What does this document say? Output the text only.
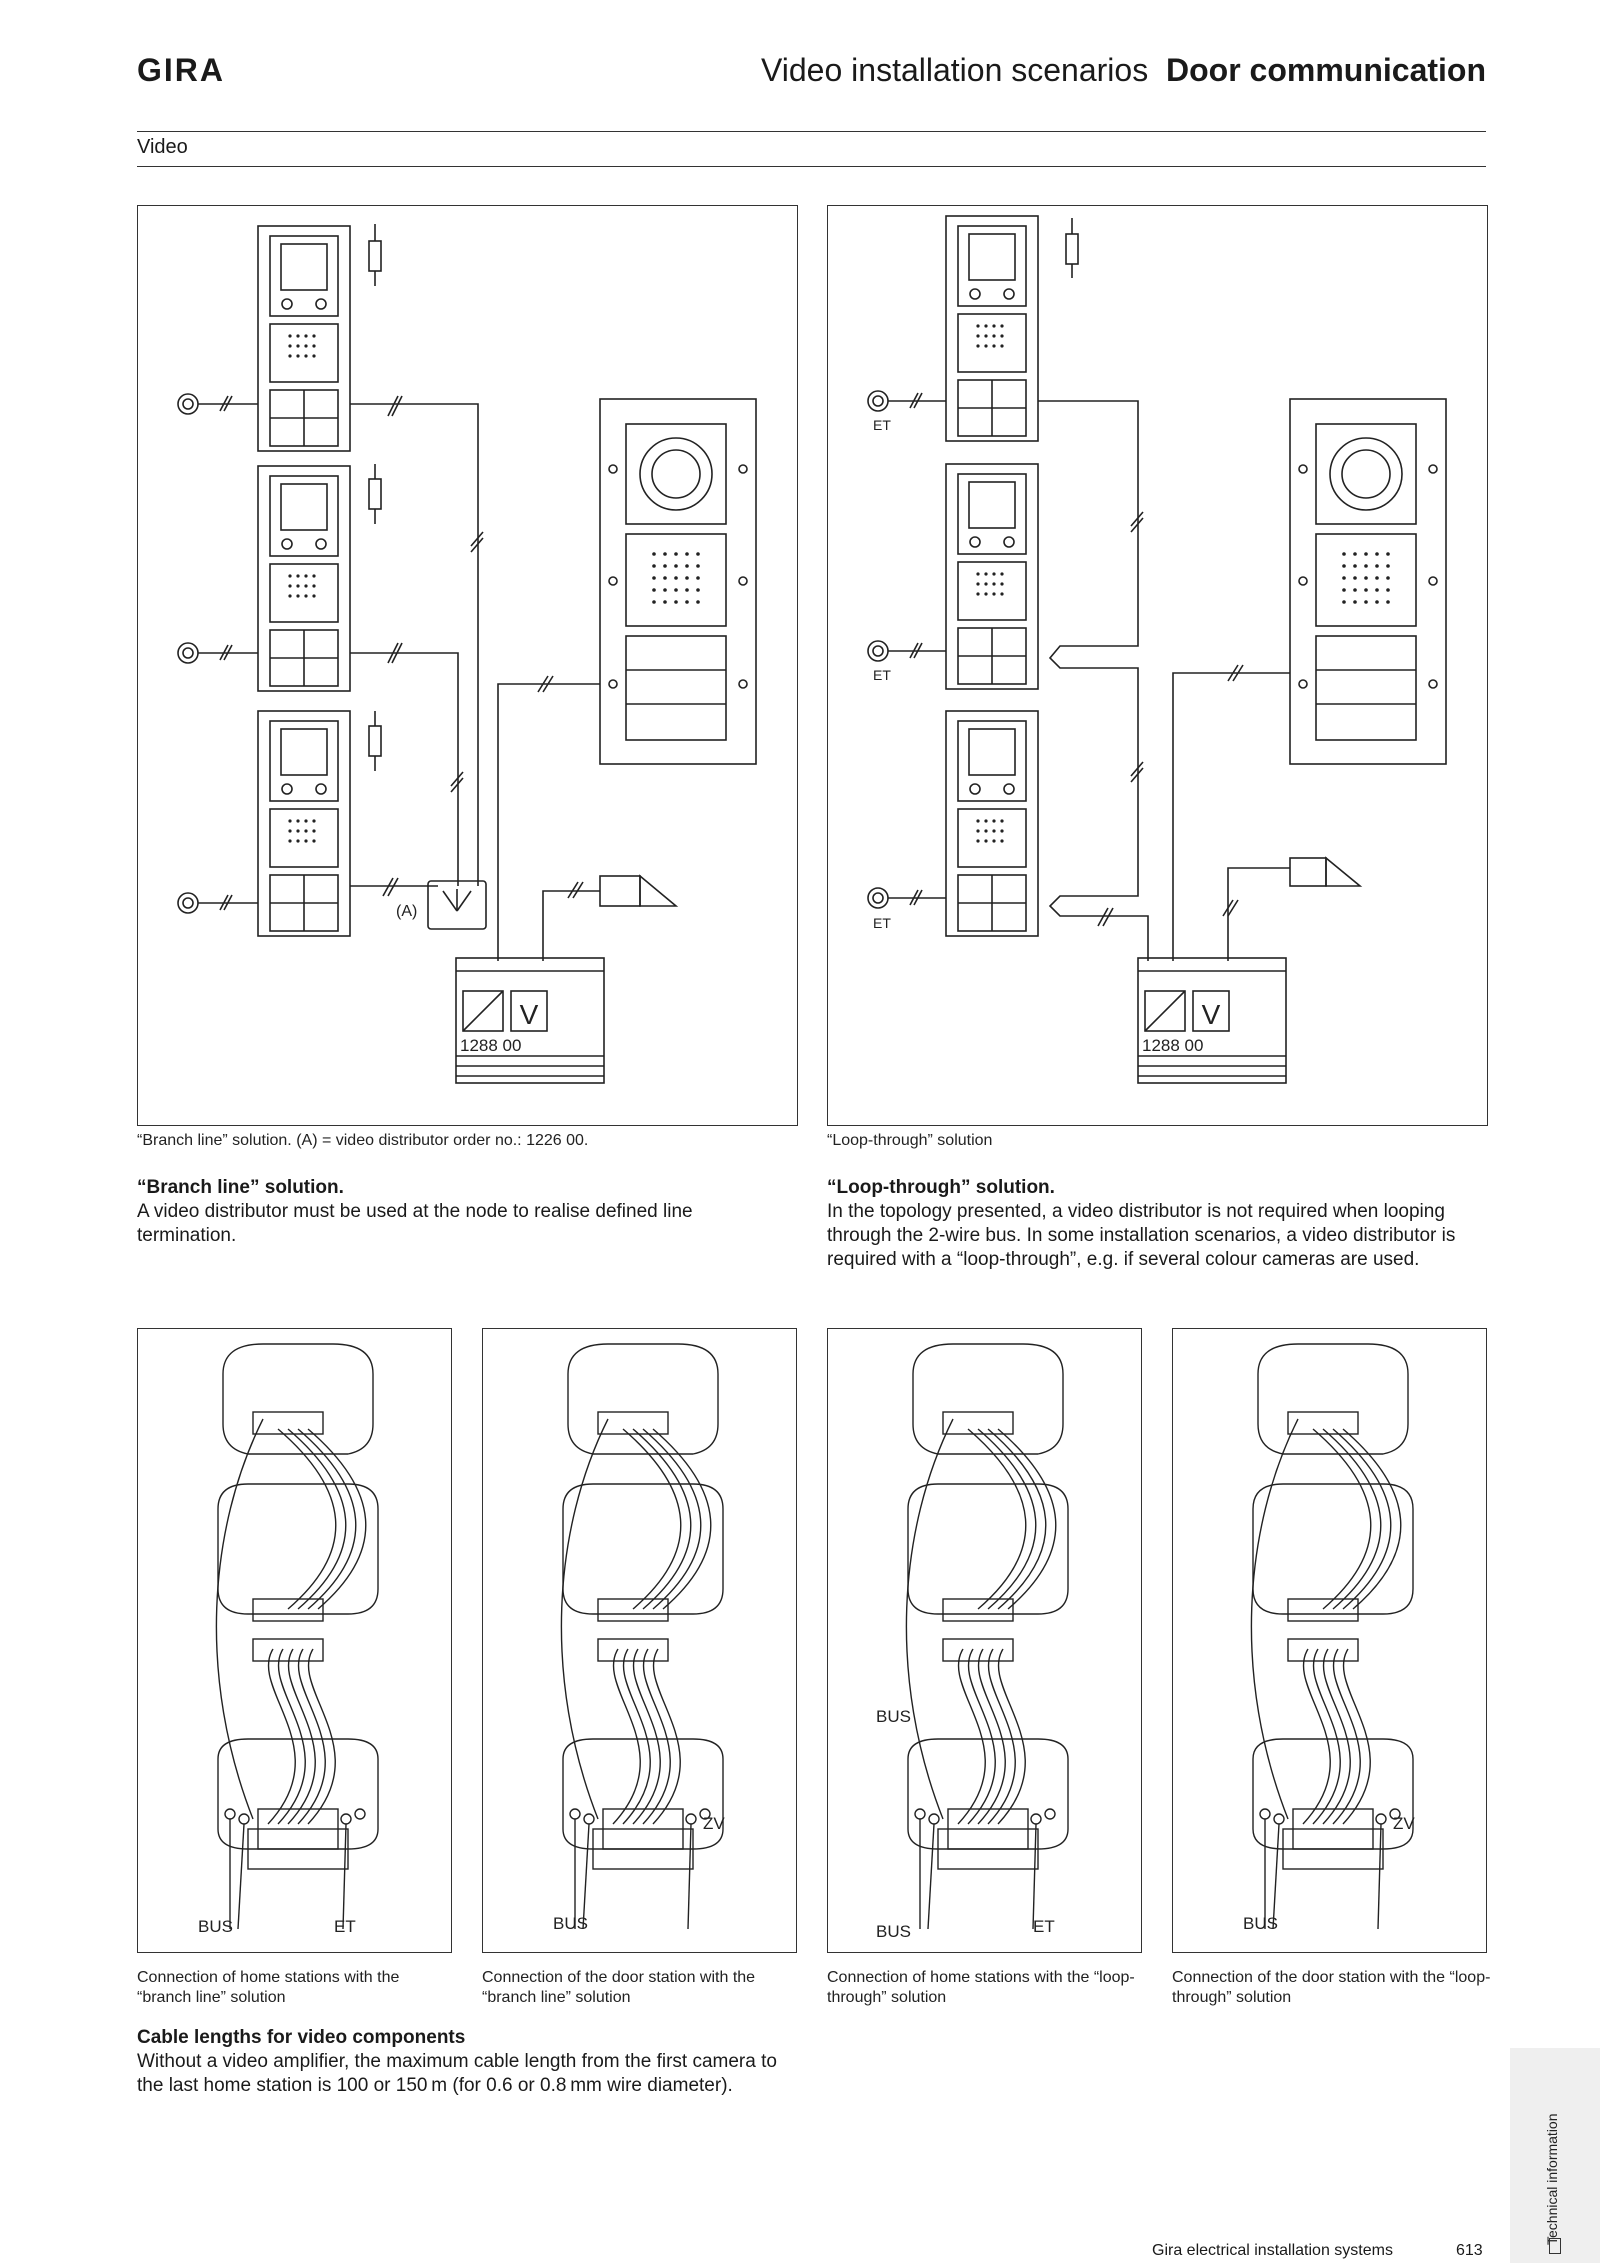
GIRA	Video installation scenarios Door communication
Video
V
1288 00
(A)
“Branch line” solution. (A) = video distributor order no.: 1226 00.
V
1288 00
ET
ET
ET
“Loop-through” solution
“Branch line” solution.
A video distributor must be used at the node to realise defined line termination.
“Loop-through” solution.
In the topology presented, a video distributor is not required when looping through the 2-wire bus. In some installation scenarios, a video distributor is required with a “loop-through”, e.g. if several colour cameras are used.
BUS	ET
Connection of home stations with the “branch line” solution
BUS
ZV
Connection of the door station with the “branch line” solution
BUS
BUS	ET
Connection of home stations with the “loop-through” solution
BUS
ZV
Connection of the door station with the “loop-through” solution
Cable lengths for video components
Without a video amplifier, the maximum cable length from the first camera to the last home station is 100 or 150 m (for 0.6 or 0.8 mm wire diameter).
Technical information
Gira electrical installation systems	613
